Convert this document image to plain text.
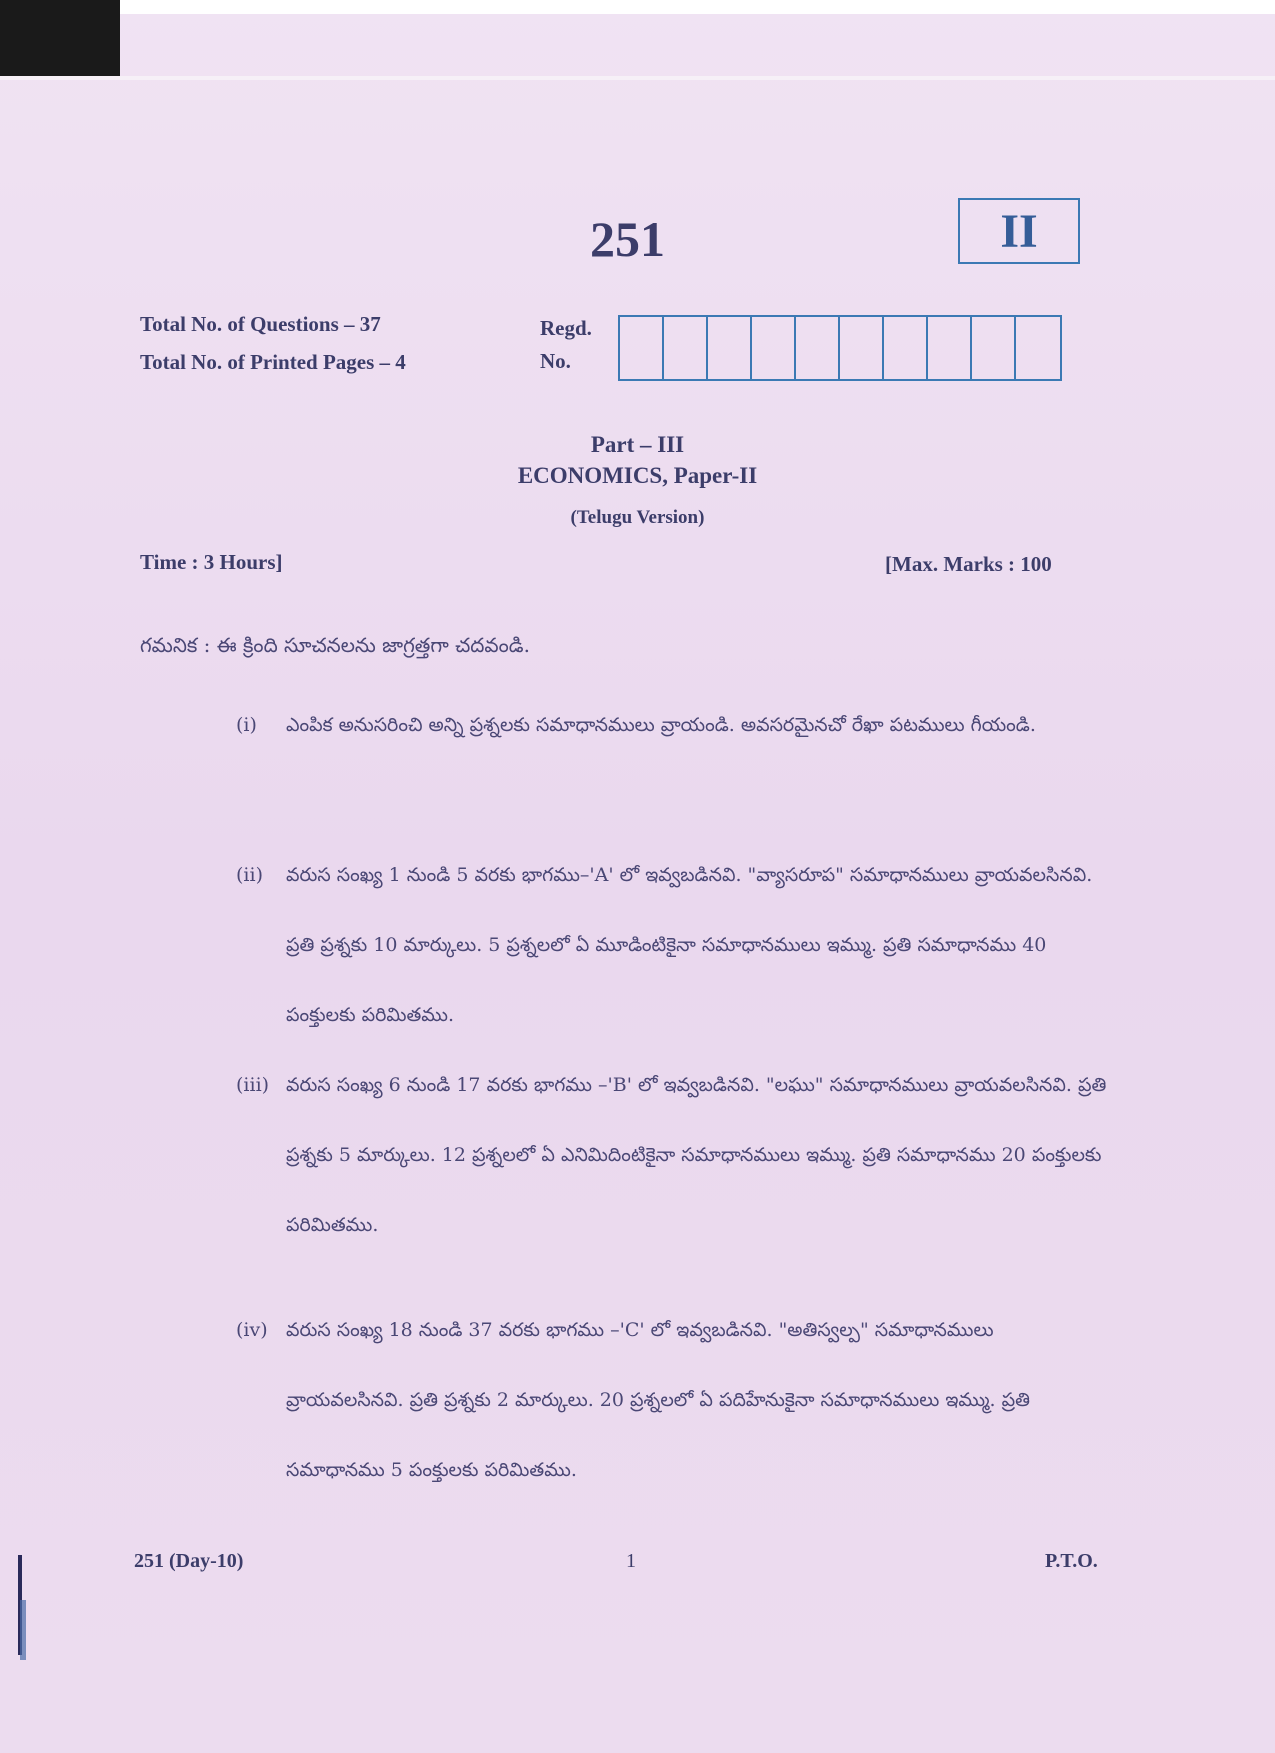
251	II
Total No. of Questions – 37
Total No. of Printed Pages – 4
Regd.
No.
Part – III
ECONOMICS, Paper-II
(Telugu Version)
Time : 3 Hours]	[Max. Marks : 100
గమనిక : ఈ క్రింది సూచనలను జాగ్రత్తగా చదవండి.
(i)	ఎంపిక అనుసరించి అన్ని ప్రశ్నలకు సమాధానములు వ్రాయండి. అవసరమైనచో రేఖా పటములు గీయండి.
(ii)	వరుస సంఖ్య 1 నుండి 5 వరకు భాగము–'A' లో ఇవ్వబడినవి. "వ్యాసరూప" సమాధానములు వ్రాయవలసినవి. ప్రతి ప్రశ్నకు 10 మార్కులు. 5 ప్రశ్నలలో ఏ మూడింటికైనా సమాధానములు ఇమ్ము. ప్రతి సమాధానము 40 పంక్తులకు పరిమితము.
(iii) వరుస సంఖ్య 6 నుండి 17 వరకు భాగము –'B' లో ఇవ్వబడినవి. "లఘు" సమాధానములు వ్రాయవలసినవి. ప్రతి ప్రశ్నకు 5 మార్కులు. 12 ప్రశ్నలలో ఏ ఎనిమిదింటికైనా సమాధానములు ఇమ్ము. ప్రతి సమాధానము 20 పంక్తులకు పరిమితము.
(iv) వరుస సంఖ్య 18 నుండి 37 వరకు భాగము –'C' లో ఇవ్వబడినవి. "అతిస్వల్ప" సమాధానములు వ్రాయవలసినవి. ప్రతి ప్రశ్నకు 2 మార్కులు. 20 ప్రశ్నలలో ఏ పదిహేనుకైనా సమాధానములు ఇమ్ము. ప్రతి సమాధానము 5 పంక్తులకు పరిమితము.
251 (Day-10)	1	P.T.O.
